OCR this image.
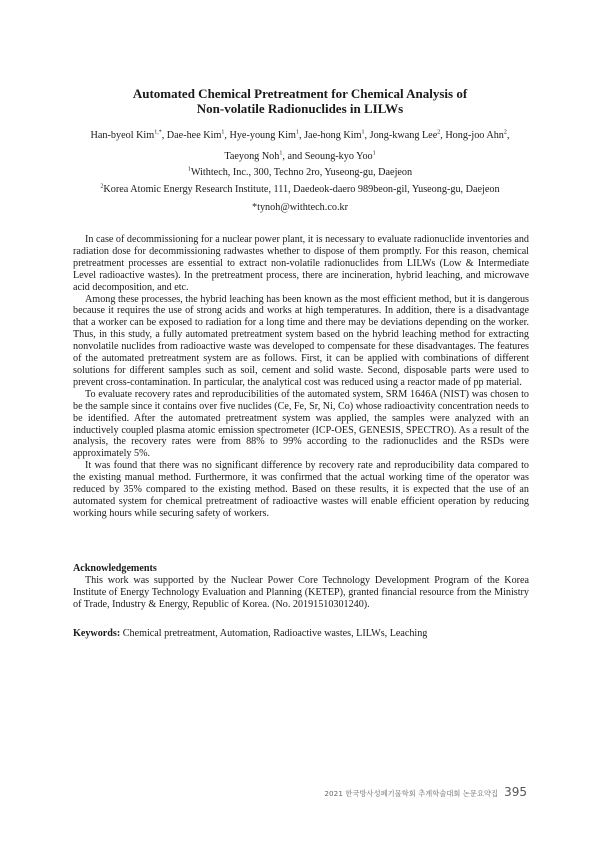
Automated Chemical Pretreatment for Chemical Analysis of
Non-volatile Radionuclides in LILWs
Han-byeol Kim$^{1,*}$, Dae-hee Kim$^1$, Hye-young Kim$^1$, Jae-hong Kim$^1$, Jong-kwang Lee$^2$, Hong-joo Ahn$^2$,
Taeyong Noh$^1$, and Seoung-kyo Yoo$^1$
$^1$Withtech, Inc., 300, Techno 2ro, Yuseong-gu, Daejeon
$^2$Korea Atomic Energy Research Institute, 111, Daedeok-daero 989beon-gil, Yuseong-gu, Daejeon
*tynoh@withtech.co.kr

In case of decommissioning for a nuclear power plant, it is necessary to evaluate radionuclide inventories and radiation dose for decommissioning radwastes whether to dispose of them promptly. For this reason, chemical pretreatment processes are essential to extract non-volatile radionuclides from LILWs (Low & Intermediate Level radioactive wastes). In the pretreatment process, there are incineration, hybrid leaching, and microwave acid decomposition, and etc.

Among these processes, the hybrid leaching has been known as the most efficient method, but it is dangerous because it requires the use of strong acids and works at high temperatures. In addition, there is a disadvantage that a worker can be exposed to radiation for a long time and there may be deviations depending on the worker. Thus, in this study, a fully automated pretreatment system based on the hybrid leaching method for extracting nonvolatile nuclides from radioactive waste was developed to compensate for these disadvantages. The features of the automated pretreatment system are as follows. First, it can be applied with combinations of different solutions for different samples such as soil, cement and solid waste. Second, disposable parts were used to prevent cross-contamination. In particular, the analytical cost was reduced using a reactor made of pp material.

To evaluate recovery rates and reproducibilities of the automated system, SRM 1646A (NIST) was chosen to be the sample since it contains over five nuclides (Ce, Fe, Sr, Ni, Co) whose radioactivity concentration needs to be identified. After the automated pretreatment system was applied, the samples were analyzed with an inductively coupled plasma atomic emission spectrometer (ICP-OES, GENESIS, SPECTRO). As a result of the analysis, the recovery rates were from 88% to 99% according to the radionuclides and the RSDs were approximately 5%.

It was found that there was no significant difference by recovery rate and reproducibility data compared to the existing manual method. Furthermore, it was confirmed that the actual working time of the operator was reduced by 35% compared to the existing method. Based on these results, it is expected that the use of an automated system for chemical pretreatment of radioactive wastes will enable efficient operation by reducing working hours while securing safety of workers.

Acknowledgements

This work was supported by the Nuclear Power Core Technology Development Program of the Korea Institute of Energy Technology Evaluation and Planning (KETEP), granted financial resource from the Ministry of Trade, Industry & Energy, Republic of Korea. (No. 20191510301240).

Keywords: Chemical pretreatment, Automation, Radioactive wastes, LILWs, Leaching
2021 한국방사성폐기물학회 추계학술대회 논문요약집 395
